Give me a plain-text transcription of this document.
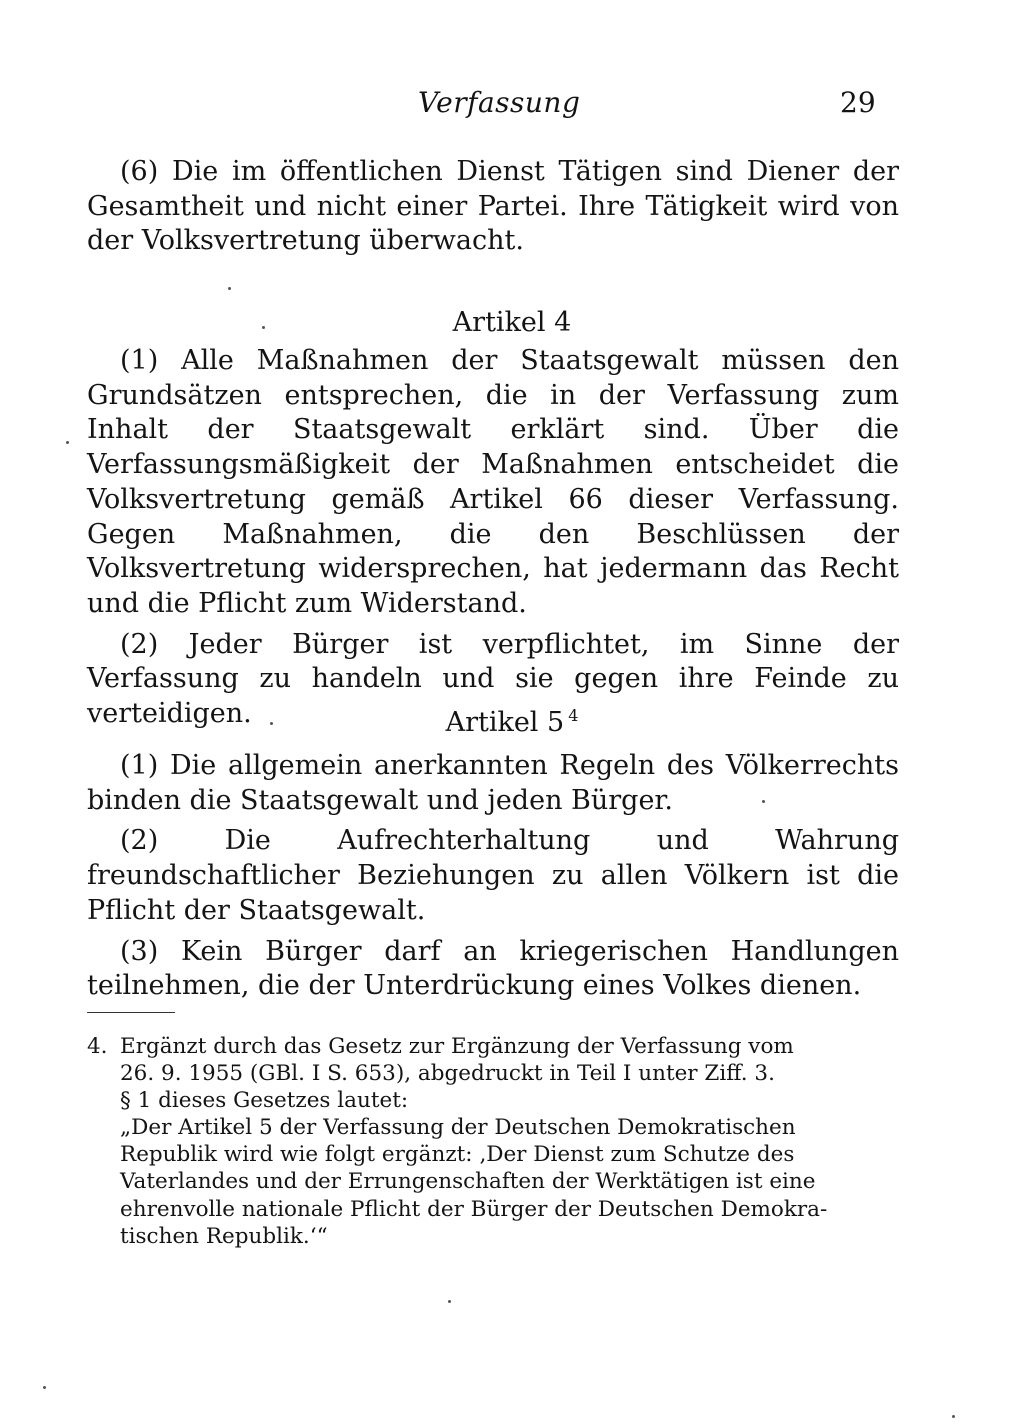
Verfassung	29

(6) Die im öffentlichen Dienst Tätigen sind Diener der Gesamtheit und nicht einer Partei. Ihre Tätigkeit wird von der Volksvertretung überwacht.

Artikel 4

(1) Alle Maßnahmen der Staatsgewalt müssen den Grundsätzen entsprechen, die in der Verfassung zum Inhalt der Staatsgewalt erklärt sind. Über die Verfassungsmäßigkeit der Maßnahmen entscheidet die Volksvertretung gemäß Artikel 66 dieser Verfassung. Gegen Maßnahmen, die den Beschlüssen der Volksvertretung widersprechen, hat jedermann das Recht und die Pflicht zum Widerstand.

(2) Jeder Bürger ist verpflichtet, im Sinne der Verfassung zu handeln und sie gegen ihre Feinde zu verteidigen.	Artikel 5 $^4$

(1) Die allgemein anerkannten Regeln des Völkerrechts binden die Staatsgewalt und jeden Bürger.

(2) Die Aufrechterhaltung und Wahrung freundschaftlicher Beziehungen zu allen Völkern ist die Pflicht der Staatsgewalt.

(3) Kein Bürger darf an kriegerischen Handlungen teilnehmen, die der Unterdrückung eines Volkes dienen.

4. Ergänzt durch das Gesetz zur Ergänzung der Verfassung vom
26. 9. 1955 (GBl. I S. 653), abgedruckt in Teil I unter Ziff. 3.
§ 1 dieses Gesetzes lautet:
„Der Artikel 5 der Verfassung der Deutschen Demokratischen
Republik wird wie folgt ergänzt: ‚Der Dienst zum Schutze des
Vaterlandes und der Errungenschaften der Werktätigen ist eine
ehrenvolle nationale Pflicht der Bürger der Deutschen Demokra-
tischen Republik.‘“
